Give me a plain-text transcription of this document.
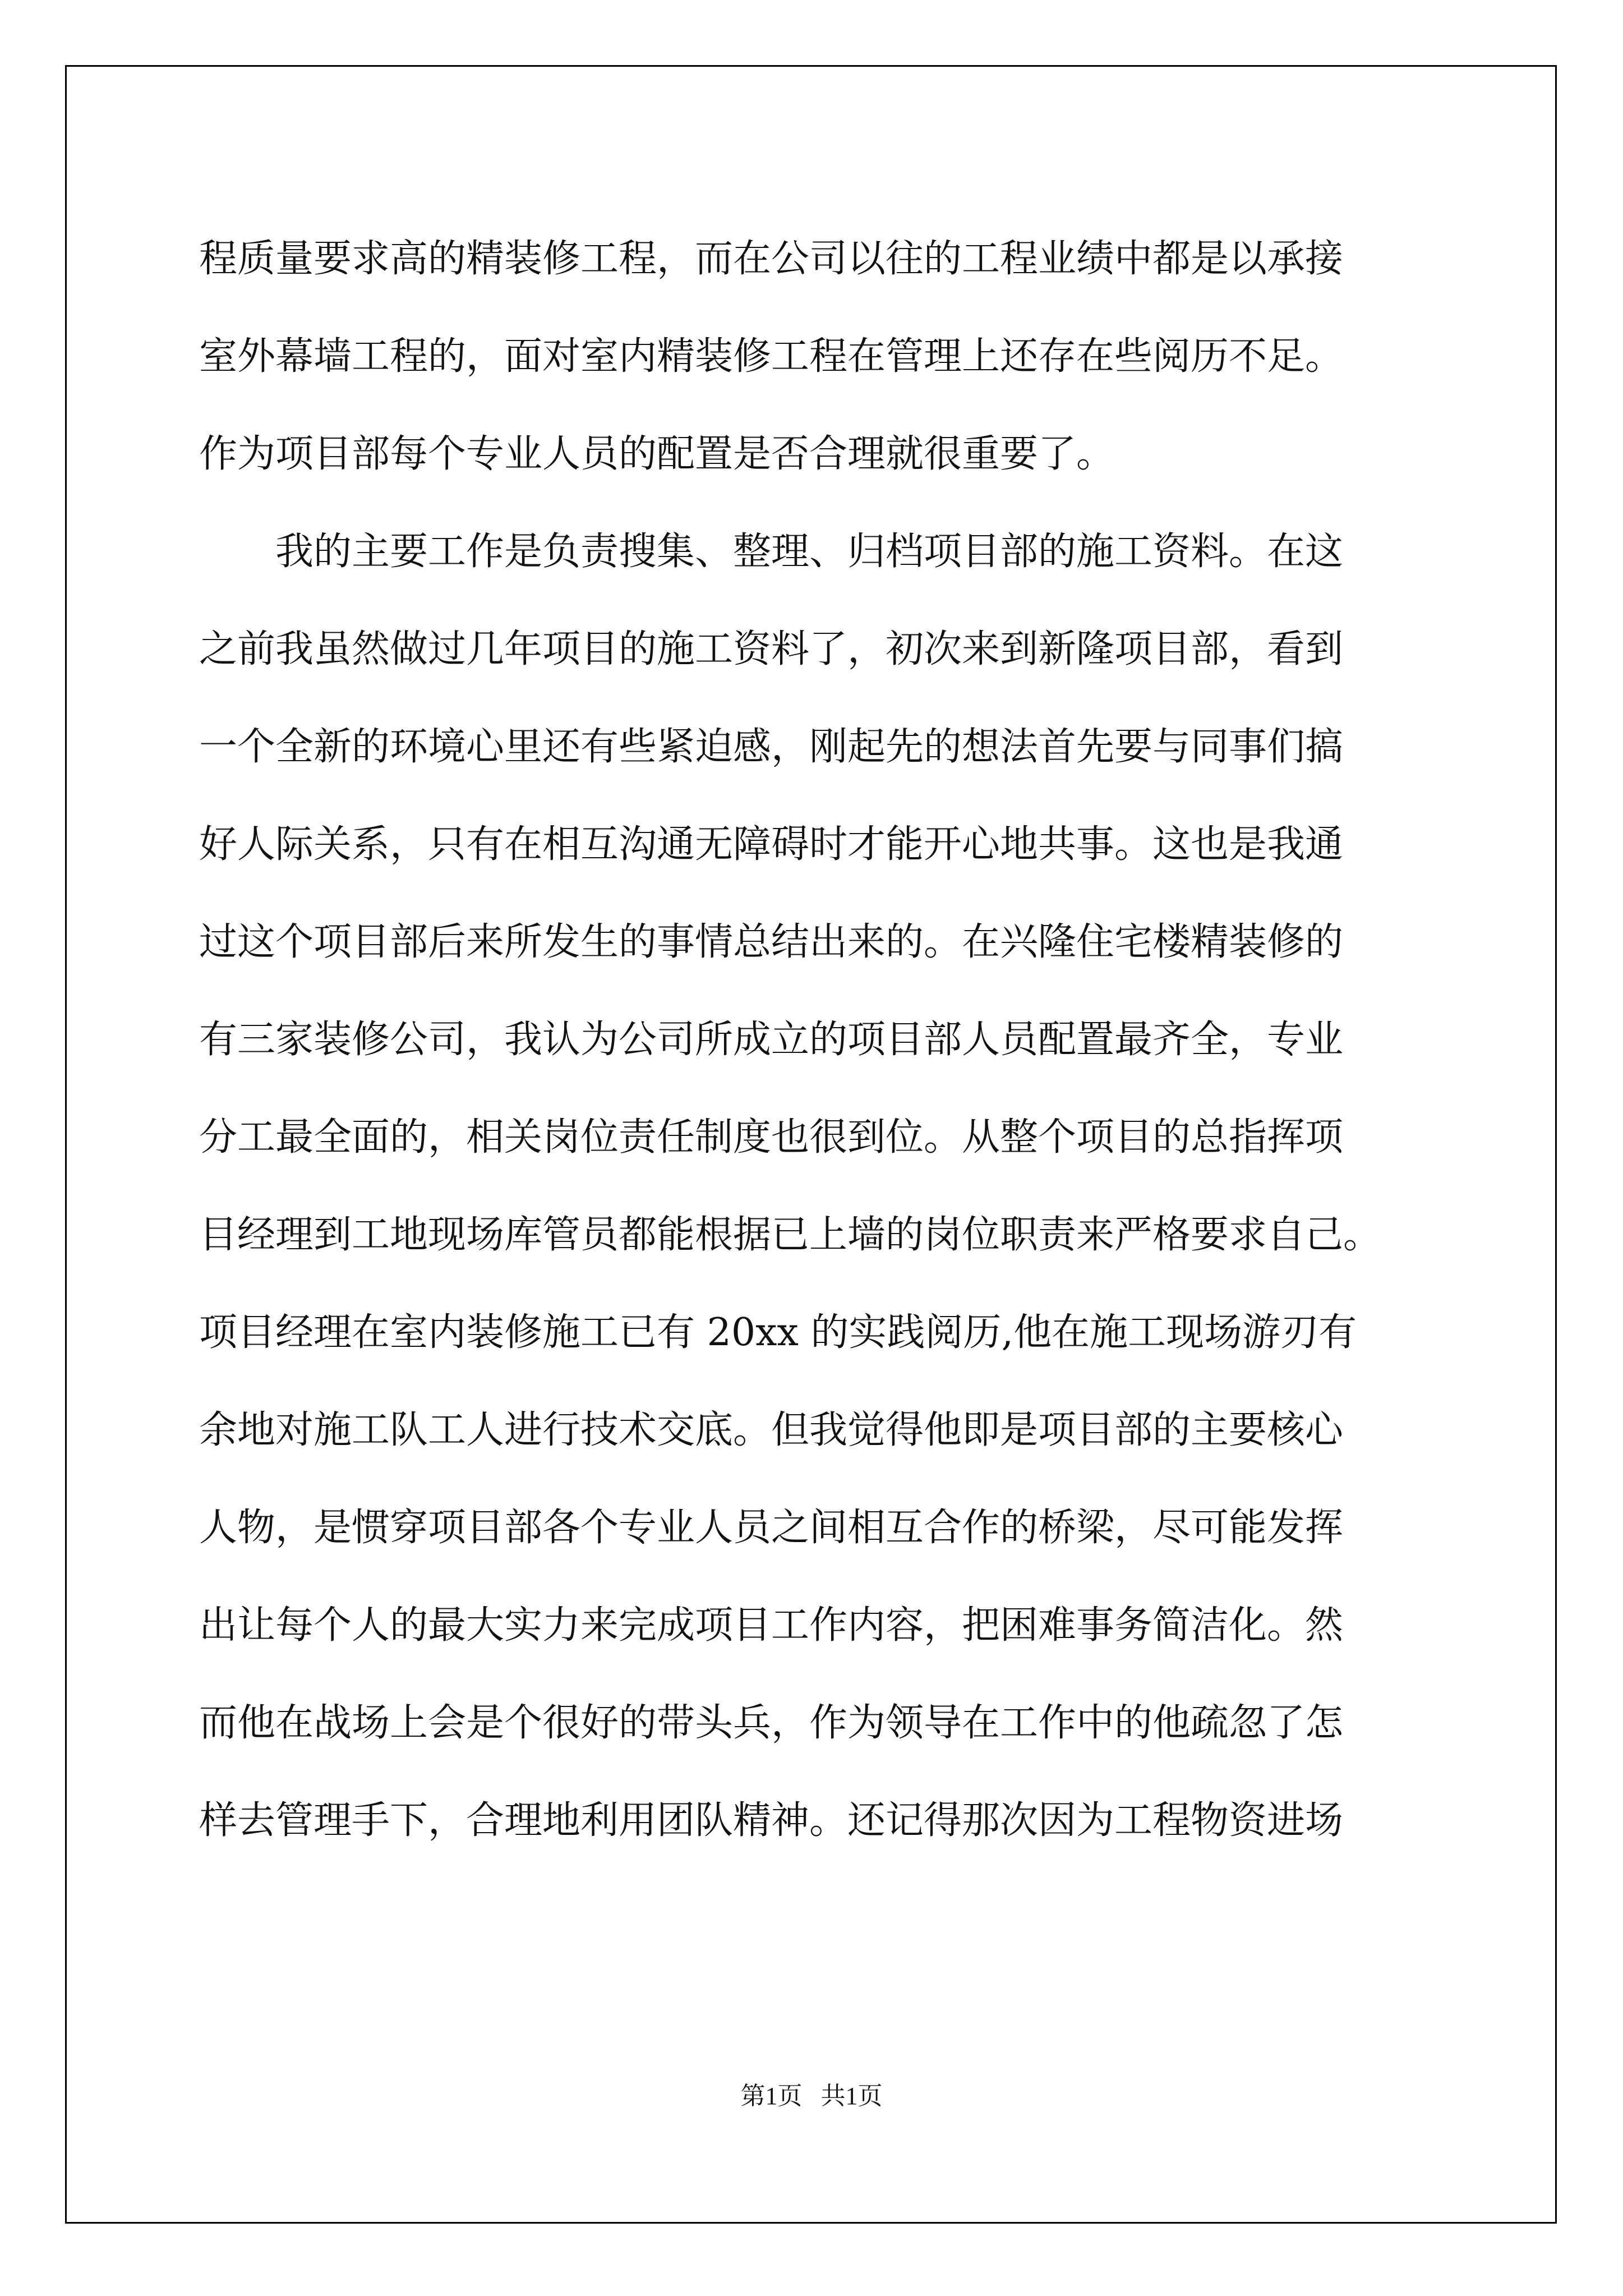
程质量要求高的精装修工程，而在公司以往的工程业绩中都是以承接
室外幕墙工程的，面对室内精装修工程在管理上还存在些阅历不足。
作为项目部每个专业人员的配置是否合理就很重要了。
我的主要工作是负责搜集、整理、归档项目部的施工资料。在这
之前我虽然做过几年项目的施工资料了，初次来到新隆项目部，看到
一个全新的环境心里还有些紧迫感，刚起先的想法首先要与同事们搞
好人际关系，只有在相互沟通无障碍时才能开心地共事。这也是我通
过这个项目部后来所发生的事情总结出来的。在兴隆住宅楼精装修的
有三家装修公司，我认为公司所成立的项目部人员配置最齐全，专业
分工最全面的，相关岗位责任制度也很到位。从整个项目的总指挥项
目经理到工地现场库管员都能根据已上墙的岗位职责来严格要求自己。
项目经理在室内装修施工已有 20xx 的实践阅历,他在施工现场游刃有
余地对施工队工人进行技术交底。但我觉得他即是项目部的主要核心
人物，是惯穿项目部各个专业人员之间相互合作的桥梁，尽可能发挥
出让每个人的最大实力来完成项目工作内容，把困难事务简洁化。然
而他在战场上会是个很好的带头兵，作为领导在工作中的他疏忽了怎
样去管理手下，合理地利用团队精神。还记得那次因为工程物资进场
第1页   共1页
